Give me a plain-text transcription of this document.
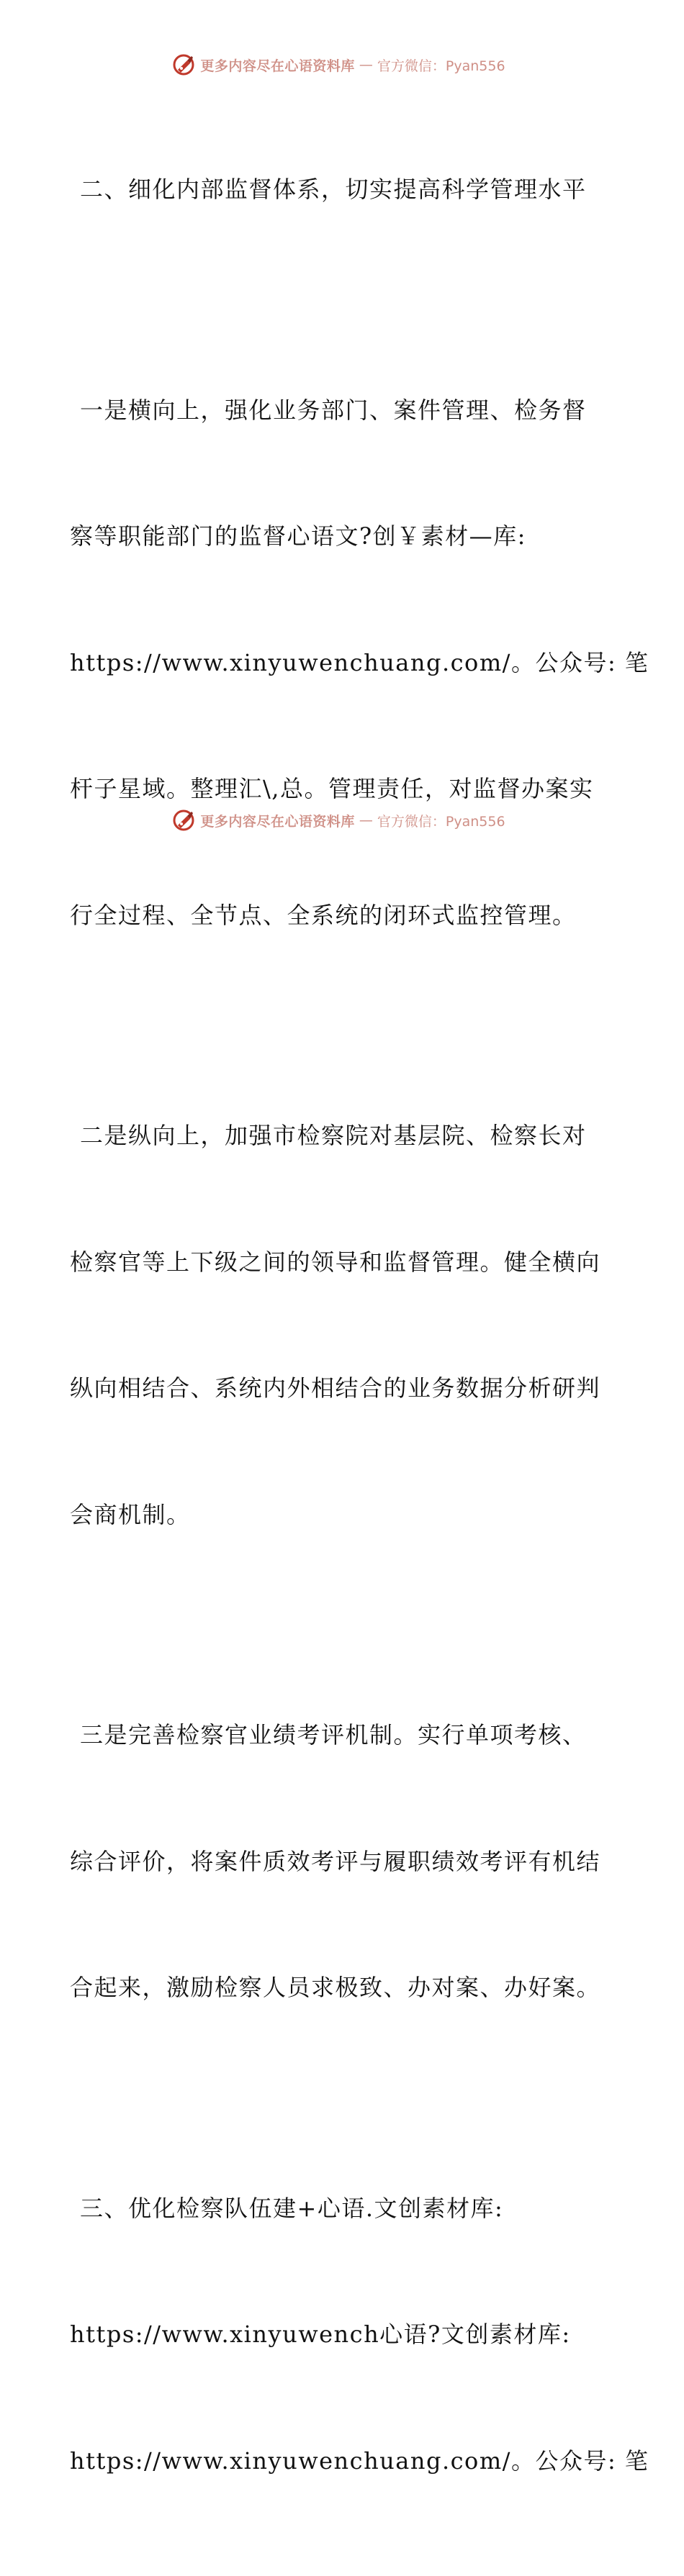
更多内容尽在心语资料库 — 官方微信：Pyan556

二、细化内部监督体系，切实提高科学管理水平

一是横向上，强化业务部门、案件管理、检务督

察等职能部门的监督心语文?创￥素材—库:

https://www.xinyuwenchuang.com/。公众号: 笔

杆子星域。整理汇\,总。管理责任，对监督办案实

行全过程、全节点、全系统的闭环式监控管理。

二是纵向上，加强市检察院对基层院、检察长对

检察官等上下级之间的领导和监督管理。健全横向

纵向相结合、系统内外相结合的业务数据分析研判

会商机制。

三是完善检察官业绩考评机制。实行单项考核、

综合评价，将案件质效考评与履职绩效考评有机结

合起来，激励检察人员求极致、办对案、办好案。

三、优化检察队伍建+心语.文创素材库:

https://www.xinyuwench心语?文创素材库:

https://www.xinyuwenchuang.com/。公众号: 笔

更多内容尽在心语资料库 — 官方微信：Pyan556
